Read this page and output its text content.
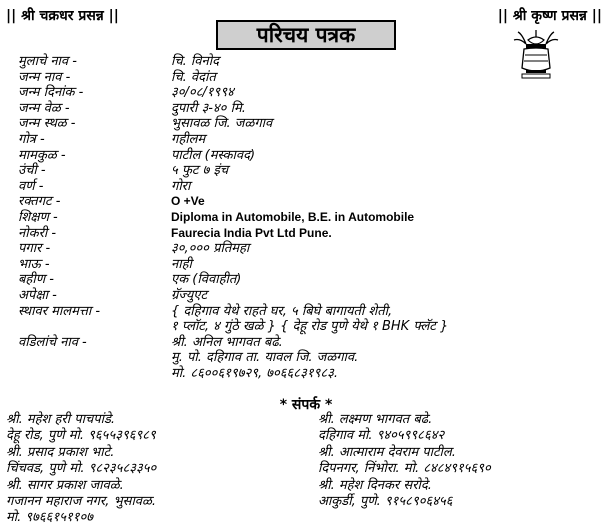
|| श्री चक्रधर प्रसन्न ||	|| श्री कृष्ण प्रसन्न ||
परिचय पत्रक
मुलाचे नाव -	चि. विनोद
जन्म नाव -	चि. वेदांत
जन्म दिनांक -	३०/०८/१९९४
जन्म वेळ -	दुपारी ३-४० मि.
जन्म स्थळ -	भुसावळ जि. जळगाव
गोत्र -	गहीलम
मामकुळ -	पाटील (मस्कावद)
उंची -	५ फुट ७ इंच
वर्ण -	गोरा
रक्तगट -	O +Ve
शिक्षण -	Diploma in Automobile, B.E. in Automobile
नोकरी -	Faurecia India Pvt Ltd Pune.
पगार -	३०,००० प्रतिमहा
भाऊ -	नाही
बहीण -	एक (विवाहीत)
अपेक्षा -	ग्रॅज्युएट
स्थावर मालमत्ता -	{ दहिगाव येथे राहते घर, ५ बिघे बागायती शेती,
१ प्लॉट, ४ गुंठे खळे } { देहू रोड पुणे येथे १ BHK फ्लॅट }
वडिलांचे नाव -	श्री. अनिल भागवत बढे.
मु. पो. दहिगाव ता. यावल जि. जळगाव.
मो. ८६००६१९७२९, ७०६६८३१९८३.
* संपर्क *
श्री. महेश हरी पाचपांडे.
देहू रोड, पुणे मो. ९६५५३९६९८९
श्री. प्रसाद प्रकाश भाटे.
चिंचवड, पुणे मो. ९८२३५८३३५०
श्री. सागर प्रकाश जावळे.
गजानन महाराज नगर, भुसावळ.
मो. ९७६६१५११०७
श्री. लक्ष्मण भागवत बढे.
दहिगाव मो. ९४०५९९८६४२
श्री. आत्माराम देवराम पाटील.
दिपनगर, निंभोरा. मो. ८४८४९१५६९०
श्री. महेश दिनकर सरोदे.
आकुर्डी, पुणे. ९१५८९०६४५६
